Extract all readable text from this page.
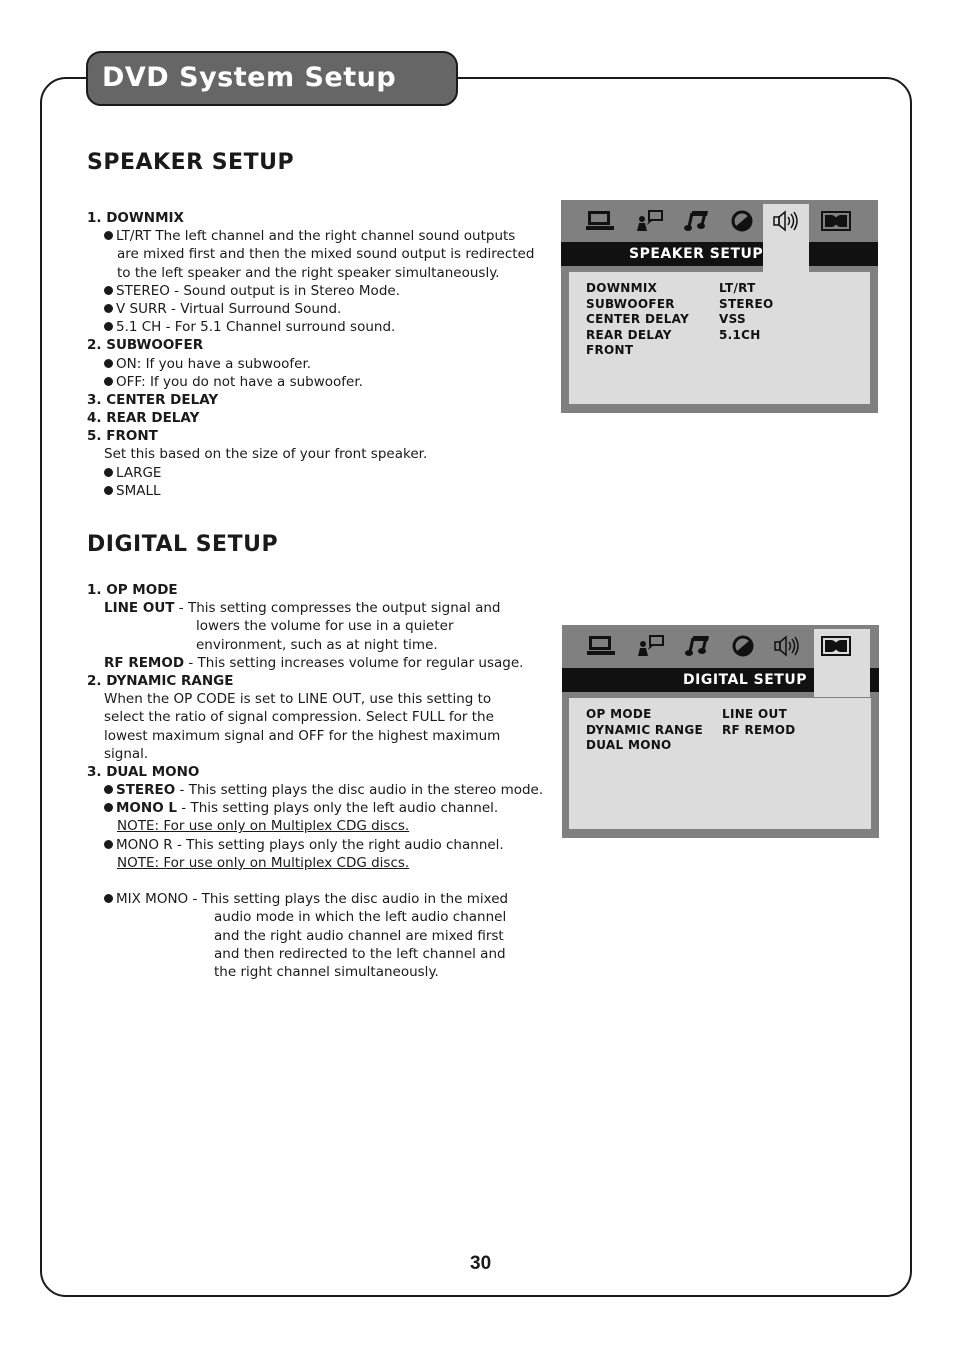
DVD System Setup Menu
SPEAKER SETUP
1. DOWNMIX
LT/RT The left channel and the right channel sound outputs
are mixed first and then the mixed sound output is redirected
to the left speaker and the right speaker simultaneously.
STEREO - Sound output is in Stereo Mode.
V SURR - Virtual Surround Sound.
5.1 CH - For 5.1 Channel surround sound.
2. SUBWOOFER
ON: If you have a subwoofer.
OFF: If you do not have a subwoofer.
3. CENTER DELAY
4. REAR DELAY
5. FRONT
Set this based on the size of your front speaker.
LARGE
SMALL
SPEAKER SETUP
DOWNMIX
SUBWOOFER
CENTER DELAY
REAR DELAY
FRONT
LT/RT
STEREO
VSS
5.1CH
DIGITAL SETUP
1. OP MODE
LINE OUT - This setting compresses the output signal and
lowers the volume for use in a quieter
environment, such as at night time.
RF REMOD - This setting increases volume for regular usage.
2. DYNAMIC RANGE
When the OP CODE is set to LINE OUT, use this setting to
select the ratio of signal compression. Select FULL for the
lowest maximum signal and OFF for the highest maximum
signal.
3. DUAL MONO
STEREO - This setting plays the disc audio in the stereo mode.
MONO L - This setting plays only the left audio channel.
NOTE: For use only on Multiplex CDG discs.
MONO R - This setting plays only the right audio channel.
NOTE: For use only on Multiplex CDG discs.
MIX MONO - This setting plays the disc audio in the mixed
audio mode in which the left audio channel
and the right audio channel are mixed first
and then redirected to the left channel and
the right channel simultaneously.
DIGITAL SETUP
OP MODE
DYNAMIC RANGE
DUAL MONO
LINE OUT
RF REMOD
30
